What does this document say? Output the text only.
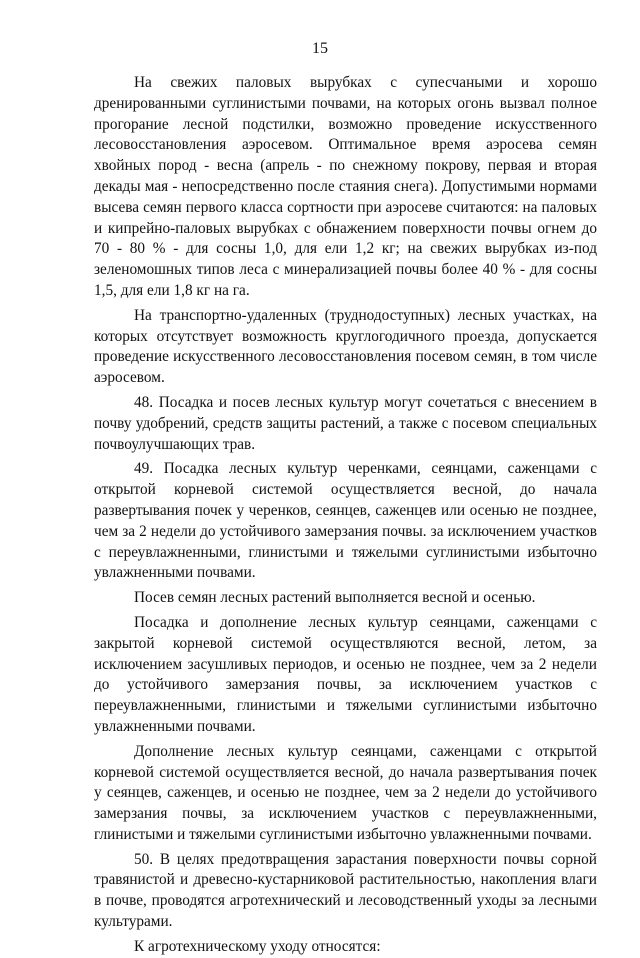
15

На свежих паловых вырубках с супесчаными и хорошо дренированными суглинистыми почвами, на которых огонь вызвал полное прогорание лесной подстилки, возможно проведение искусственного лесовосстановления аэросевом. Оптимальное время аэросева семян хвойных пород - весна (апрель - по снежному покрову, первая и вторая декады мая - непосредственно после стаяния снега). Допустимыми нормами высева семян первого класса сортности при аэросеве считаются: на паловых и кипрейно-паловых вырубках с обнажением поверхности почвы огнем до 70 - 80 % - для сосны 1,0, для ели 1,2 кг; на свежих вырубках из-под зеленомошных типов леса с минерализацией почвы более 40 % - для сосны 1,5, для ели 1,8 кг на га.

На транспортно-удаленных (труднодоступных) лесных участках, на которых отсутствует возможность круглогодичного проезда, допускается проведение искусственного лесовосстановления посевом семян, в том числе аэросевом.

48. Посадка и посев лесных культур могут сочетаться с внесением в почву удобрений, средств защиты растений, а также с посевом специальных почвоулучшающих трав.

49. Посадка лесных культур черенками, сеянцами, саженцами с открытой корневой системой осуществляется весной, до начала развертывания почек у черенков, сеянцев, саженцев или осенью не позднее, чем за 2 недели до устойчивого замерзания почвы. за исключением участков с переувлажненными, глинистыми и тяжелыми суглинистыми избыточно увлажненными почвами.

Посев семян лесных растений выполняется весной и осенью.

Посадка и дополнение лесных культур сеянцами, саженцами с закрытой корневой системой осуществляются весной, летом, за исключением засушливых периодов, и осенью не позднее, чем за 2 недели до устойчивого замерзания почвы, за исключением участков с переувлажненными, глинистыми и тяжелыми суглинистыми избыточно увлажненными почвами.

Дополнение лесных культур сеянцами, саженцами с открытой корневой системой осуществляется весной, до начала развертывания почек у сеянцев, саженцев, и осенью не позднее, чем за 2 недели до устойчивого замерзания почвы, за исключением участков с переувлажненными, глинистыми и тяжелыми суглинистыми избыточно увлажненными почвами.

50. В целях предотвращения зарастания поверхности почвы сорной травянистой и древесно-кустарниковой растительностью, накопления влаги в почве, проводятся агротехнический и лесоводственный уходы за лесными культурами.

К агротехническому уходу относятся:
